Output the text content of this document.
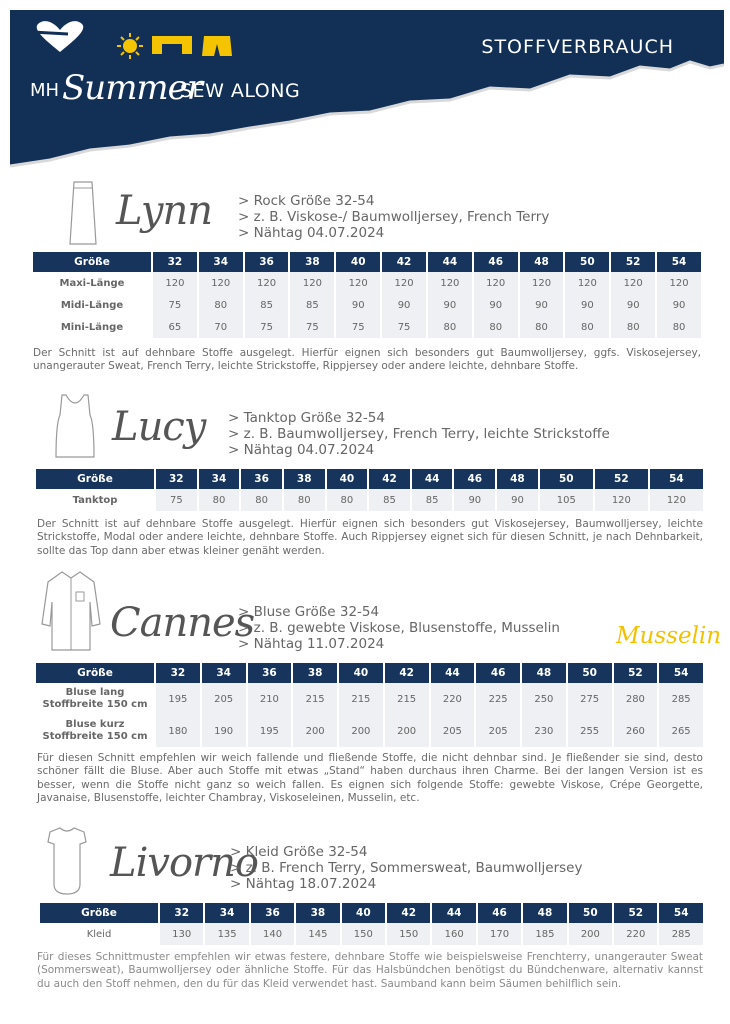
MH Summer
SEW ALONG
STOFFVERBRAUCH
Lynn > Rock Größe 32-54
> z. B. Viskose-/ Baumwolljersey, French Terry
> Nähtag 04.07.2024
Größe	32	34	36	38	40	42	44	46	48	50	52	54
Maxi-Länge	120	120	120	120	120	120	120	120	120	120	120	120
Midi-Länge	75	80	85	85	90	90	90	90	90	90	90	90
Mini-Länge	65	70	75	75	75	75	80	80	80	80	80	80
Der Schnitt ist auf dehnbare Stoffe ausgelegt. Hierfür eignen sich besonders gut Baumwolljersey, ggfs. Viskosejersey, unangerauter Sweat, French Terry, leichte Strickstoffe, Rippjersey oder andere leichte, dehnbare Stoffe.
Lucy > Tanktop Größe 32-54
> z. B. Baumwolljersey, French Terry, leichte Strickstoffe
> Nähtag 04.07.2024
Größe	32	34	36	38	40	42	44	46	48	50	52	54
Tanktop	75	80	80	80	80	85	85	90	90	105	120	120
Der Schnitt ist auf dehnbare Stoffe ausgelegt. Hierfür eignen sich besonders gut Viskosejersey, Baumwolljersey, leichte Strickstoffe, Modal oder andere leichte, dehnbare Stoffe. Auch Rippjersey eignet sich für diesen Schnitt, je nach Dehnbarkeit, sollte das Top dann aber etwas kleiner genäht werden.
Cannes
> Bluse Größe 32-54
> z. B. gewebte Viskose, Blusenstoffe, Musselin
> Nähtag 11.07.2024	Musselin
Größe	32	34	36	38	40	42	44	46	48	50	52	54
Bluse lang
Stoffbreite 150 cm	195	205	210	215	215	215	220	225	250	275	280	285
Bluse kurz
Stoffbreite 150 cm	180	190	195	200	200	200	205	205	230	255	260	265
Für diesen Schnitt empfehlen wir weich fallende und fließende Stoffe, die nicht dehnbar sind. Je fließender sie sind, desto schöner fällt die Bluse. Aber auch Stoffe mit etwas „Stand“ haben durchaus ihren Charme. Bei der langen Version ist es besser, wenn die Stoffe nicht ganz so weich fallen. Es eignen sich folgende Stoffe: gewebte Viskose, Crépe Georgette, Javanaise, Blusenstoffe, leichter Chambray, Viskoseleinen, Musselin, etc.
Livorno
> Kleid Größe 32-54
> z. B. French Terry, Sommersweat, Baumwolljersey
> Nähtag 18.07.2024
Größe	32	34	36	38	40	42	44	46	48	50	52	54
Kleid	130	135	140	145	150	150	160	170	185	200	220	285
Für dieses Schnittmuster empfehlen wir etwas festere, dehnbare Stoffe wie beispielsweise Frenchterry, unangerauter Sweat (Sommersweat), Baumwolljersey oder ähnliche Stoffe. Für das Halsbündchen benötigst du Bündchenware, alternativ kannst du auch den Stoff nehmen, den du für das Kleid verwendet hast. Saumband kann beim Säumen behilflich sein.
